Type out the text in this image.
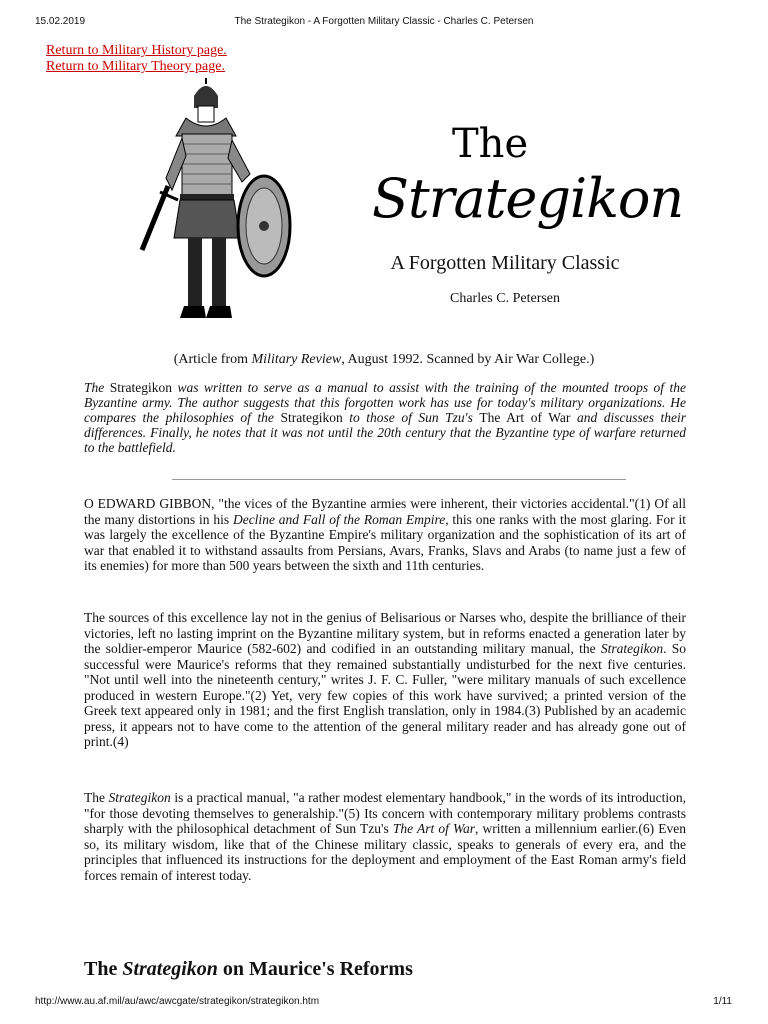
15.02.2019	The Strategikon - A Forgotten Military Classic - Charles C. Petersen
Return to Military History page.
Return to Military Theory page.
The
Strategikon
A Forgotten Military Classic
Charles C. Petersen
(Article from Military Review, August 1992. Scanned by Air War College.)
The Strategikon was written to serve as a manual to assist with the training of the mounted troops of the Byzantine army. The author suggests that this forgotten work has use for today's military organizations. He compares the philosophies of the Strategikon to those of Sun Tzu's The Art of War and discusses their differences. Finally, he notes that it was not until the 20th century that the Byzantine type of warfare returned to the battlefield.

O EDWARD GIBBON, "the vices of the Byzantine armies were inherent, their victories accidental."(1) Of all the many distortions in his Decline and Fall of the Roman Empire, this one ranks with the most glaring. For it was largely the excellence of the Byzantine Empire's military organization and the sophistication of its art of war that enabled it to withstand assaults from Persians, Avars, Franks, Slavs and Arabs (to name just a few of its enemies) for more than 500 years between the sixth and 11th centuries.

The sources of this excellence lay not in the genius of Belisarious or Narses who, despite the brilliance of their victories, left no lasting imprint on the Byzantine military system, but in reforms enacted a generation later by the soldier-emperor Maurice (582-602) and codified in an outstanding military manual, the Strategikon. So successful were Maurice's reforms that they remained substantially undisturbed for the next five centuries. "Not until well into the nineteenth century," writes J. F. C. Fuller, "were military manuals of such excellence produced in western Europe."(2) Yet, very few copies of this work have survived; a printed version of the Greek text appeared only in 1981; and the first English translation, only in 1984.(3) Published by an academic press, it appears not to have come to the attention of the general military reader and has already gone out of print.(4)

The Strategikon is a practical manual, "a rather modest elementary handbook," in the words of its introduction, "for those devoting themselves to generalship."(5) Its concern with contemporary military problems contrasts sharply with the philosophical detachment of Sun Tzu's The Art of War, written a millennium earlier.(6) Even so, its military wisdom, like that of the Chinese military classic, speaks to generals of every era, and the principles that influenced its instructions for the deployment and employment of the East Roman army's field forces remain of interest today.

The Strategikon on Maurice's Reforms
http://www.au.af.mil/au/awc/awcgate/strategikon/strategikon.htm	1/11
